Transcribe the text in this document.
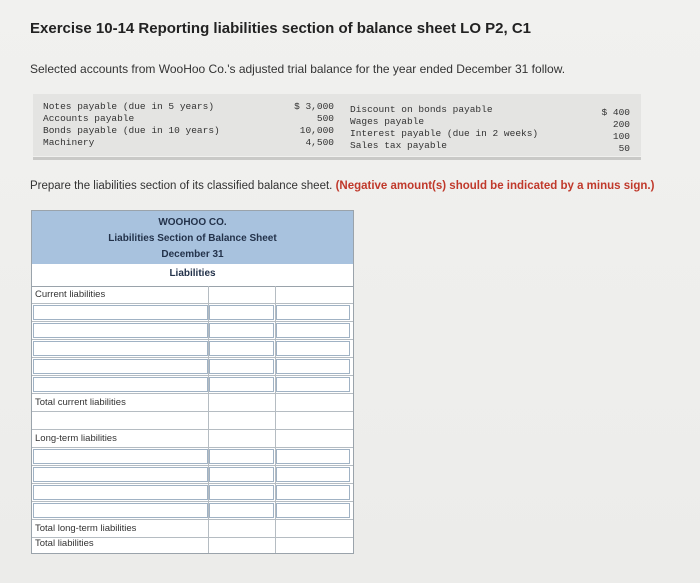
Exercise 10-14 Reporting liabilities section of balance sheet LO P2, C1
Selected accounts from WooHoo Co.'s adjusted trial balance for the year ended December 31 follow.
Notes payable (due in 5 years)
Accounts payable
Bonds payable (due in 10 years)
Machinery
$ 3,000
500
10,000
4,500
Discount on bonds payable
Wages payable
Interest payable (due in 2 weeks)
Sales tax payable
$ 400
200
100
50
Prepare the liabilities section of its classified balance sheet. (Negative amount(s) should be indicated by a minus sign.)
WOOHOO CO.
Liabilities Section of Balance Sheet
December 31
Liabilities
Current liabilities
Total current liabilities
Long-term liabilities
Total long-term liabilities
Total liabilities
